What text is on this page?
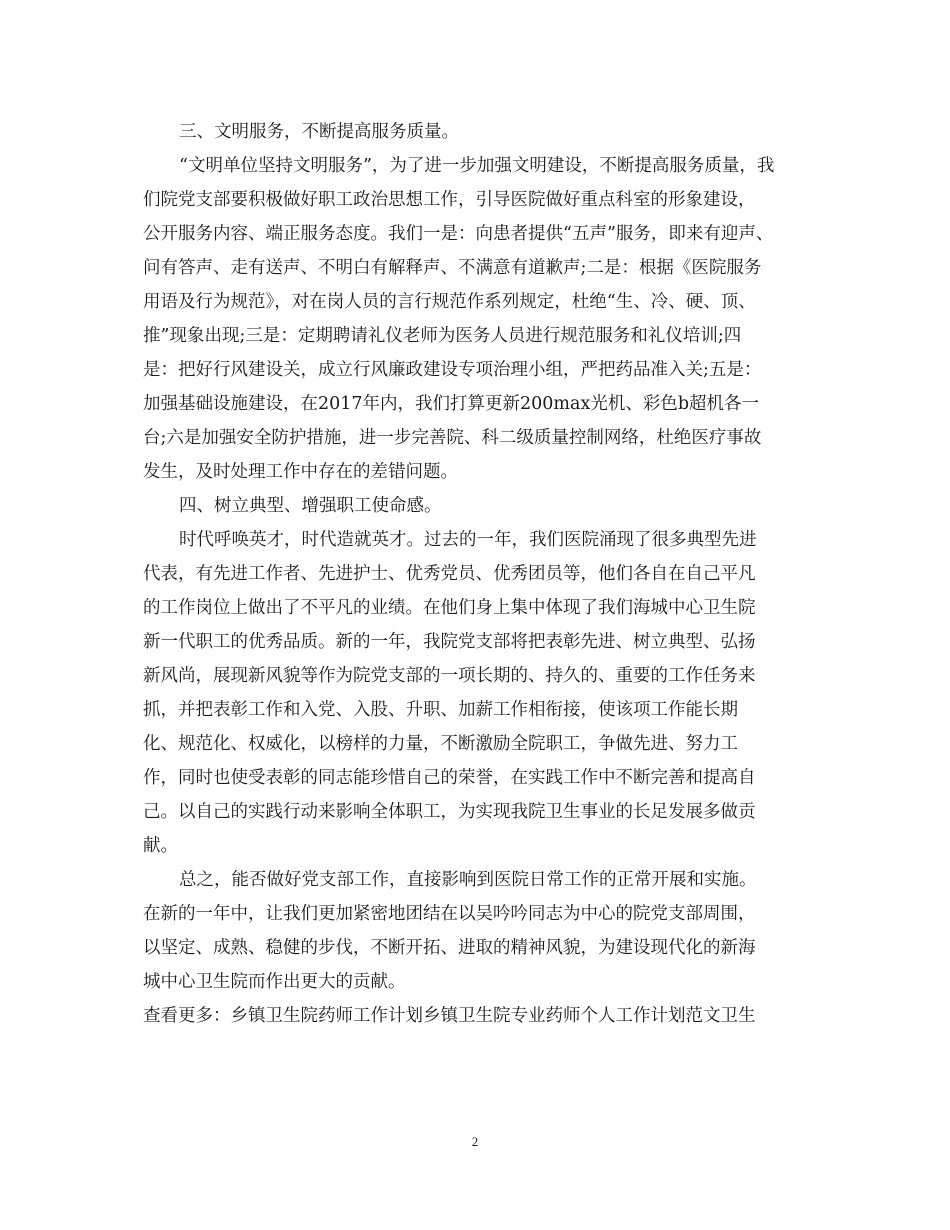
三、文明服务，不断提高服务质量。
“文明单位坚持文明服务”，为了进一步加强文明建设，不断提高服务质量，我
们院党支部要积极做好职工政治思想工作，引导医院做好重点科室的形象建设，
公开服务内容、端正服务态度。我们一是：向患者提供“五声”服务，即来有迎声、
问有答声、走有送声、不明白有解释声、不满意有道歉声;二是：根据《医院服务
用语及行为规范》，对在岗人员的言行规范作系列规定，杜绝“生、冷、硬、顶、
推”现象出现;三是：定期聘请礼仪老师为医务人员进行规范服务和礼仪培训;四
是：把好行风建设关，成立行风廉政建设专项治理小组，严把药品准入关;五是：
加强基础设施建设，在2017年内，我们打算更新200max光机、彩色b超机各一
台;六是加强安全防护措施，进一步完善院、科二级质量控制网络，杜绝医疗事故
发生，及时处理工作中存在的差错问题。
四、树立典型、增强职工使命感。
时代呼唤英才，时代造就英才。过去的一年，我们医院涌现了很多典型先进
代表，有先进工作者、先进护士、优秀党员、优秀团员等，他们各自在自己平凡
的工作岗位上做出了不平凡的业绩。在他们身上集中体现了我们海城中心卫生院
新一代职工的优秀品质。新的一年，我院党支部将把表彰先进、树立典型、弘扬
新风尚，展现新风貌等作为院党支部的一项长期的、持久的、重要的工作任务来
抓，并把表彰工作和入党、入股、升职、加薪工作相衔接，使该项工作能长期
化、规范化、权威化，以榜样的力量，不断激励全院职工，争做先进、努力工
作，同时也使受表彰的同志能珍惜自己的荣誉，在实践工作中不断完善和提高自
己。以自己的实践行动来影响全体职工，为实现我院卫生事业的长足发展多做贡
献。
总之，能否做好党支部工作，直接影响到医院日常工作的正常开展和实施。
在新的一年中，让我们更加紧密地团结在以吴吟吟同志为中心的院党支部周围，
以坚定、成熟、稳健的步伐，不断开拓、进取的精神风貌，为建设现代化的新海
城中心卫生院而作出更大的贡献。
查看更多：乡镇卫生院药师工作计划乡镇卫生院专业药师个人工作计划范文卫生
2
